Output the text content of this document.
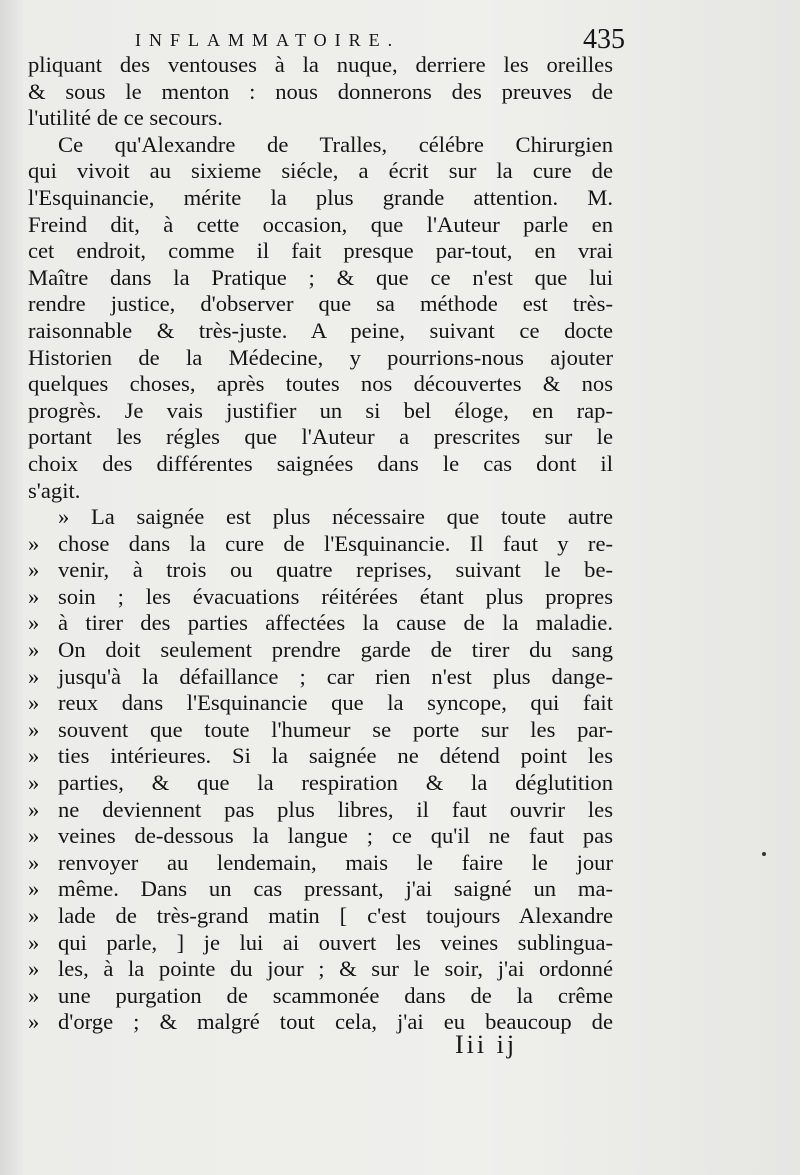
INFLAMMATOIRE.	435
pliquant des ventouses à la nuque, derriere les oreilles
& sous le menton : nous donnerons des preuves de
l'utilité de ce secours.
Ce qu'Alexandre de Tralles, célébre Chirurgien
qui vivoit au sixieme siécle, a écrit sur la cure de
l'Esquinancie, mérite la plus grande attention. M.
Freind dit, à cette occasion, que l'Auteur parle en
cet endroit, comme il fait presque par-tout, en vrai
Maître dans la Pratique ; & que ce n'est que lui
rendre justice, d'observer que sa méthode est très-
raisonnable & très-juste. A peine, suivant ce docte
Historien de la Médecine, y pourrions-nous ajouter
quelques choses, après toutes nos découvertes & nos
progrès. Je vais justifier un si bel éloge, en rap-
portant les régles que l'Auteur a prescrites sur le
choix des différentes saignées dans le cas dont il
s'agit.
» La saignée est plus nécessaire que toute autre
» chose dans la cure de l'Esquinancie. Il faut y re-
» venir, à trois ou quatre reprises, suivant le be-
» soin ; les évacuations réitérées étant plus propres
» à tirer des parties affectées la cause de la maladie.
» On doit seulement prendre garde de tirer du sang
» jusqu'à la défaillance ; car rien n'est plus dange-
» reux dans l'Esquinancie que la syncope, qui fait
» souvent que toute l'humeur se porte sur les par-
» ties intérieures. Si la saignée ne détend point les
» parties, & que la respiration & la déglutition
» ne deviennent pas plus libres, il faut ouvrir les
» veines de-dessous la langue ; ce qu'il ne faut pas
» renvoyer au lendemain, mais le faire le jour
» même. Dans un cas pressant, j'ai saigné un ma-
» lade de très-grand matin [ c'est toujours Alexandre
» qui parle, ] je lui ai ouvert les veines sublingua-
» les, à la pointe du jour ; & sur le soir, j'ai ordonné
» une purgation de scammonée dans de la crême
» d'orge ; & malgré tout cela, j'ai eu beaucoup de
Iii ij
